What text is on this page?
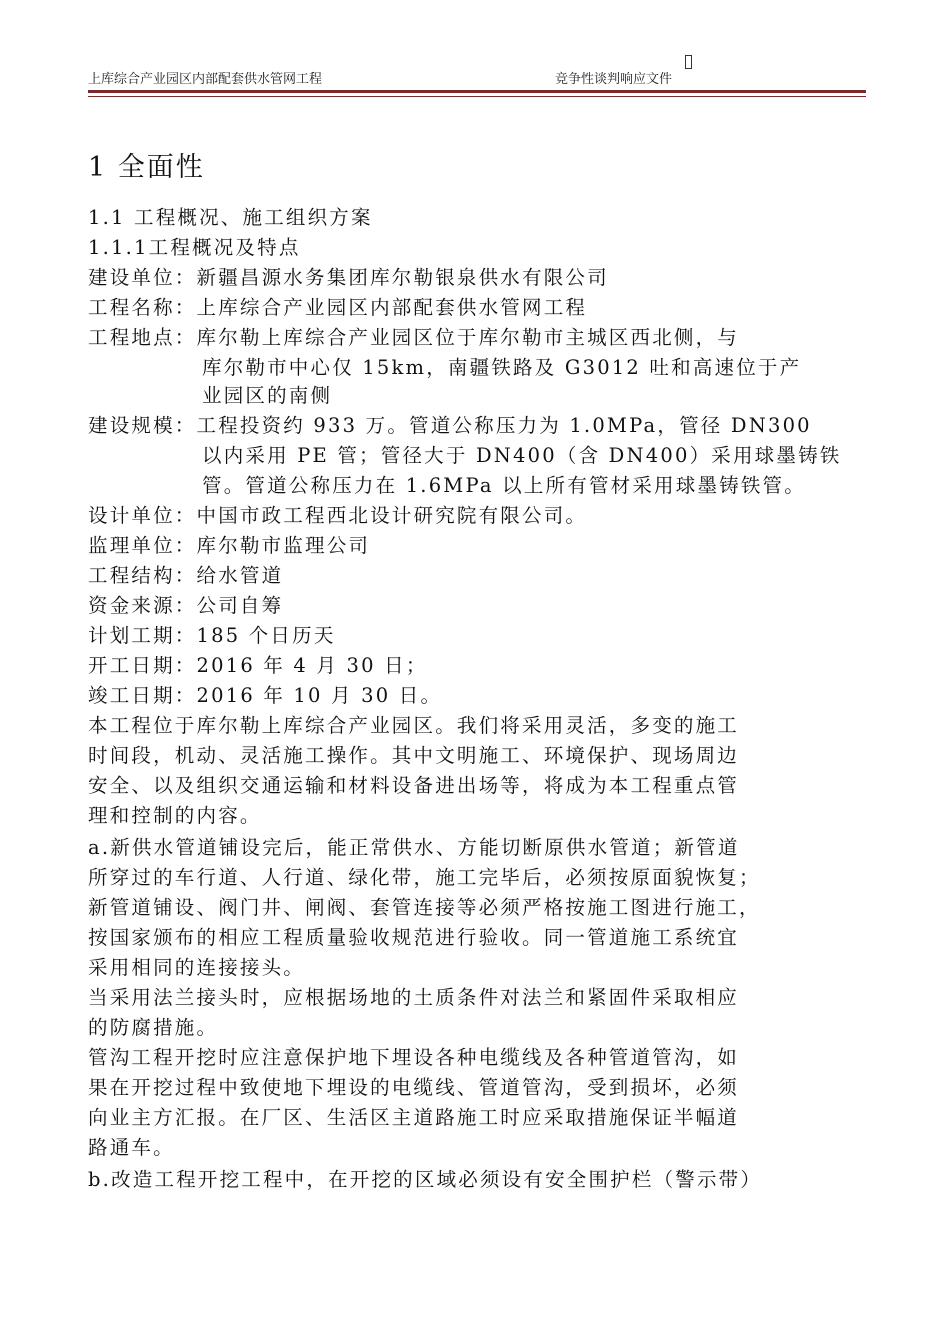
上库综合产业园区内部配套供水管网工程	竞争性谈判响应文件
1 全面性
1.1 工程概况、施工组织方案
1.1.1工程概况及特点
建设单位：新疆昌源水务集团库尔勒银泉供水有限公司
工程名称：上库综合产业园区内部配套供水管网工程
工程地点：库尔勒上库综合产业园区位于库尔勒市主城区西北侧，与
库尔勒市中心仅 15km，南疆铁路及 G3012 吐和高速位于产
业园区的南侧
建设规模：工程投资约 933 万。管道公称压力为 1.0MPa，管径 DN300
以内采用 PE 管；管径大于 DN400（含 DN400）采用球墨铸铁
管。管道公称压力在 1.6MPa 以上所有管材采用球墨铸铁管。
设计单位：中国市政工程西北设计研究院有限公司。
监理单位：库尔勒市监理公司
工程结构：给水管道
资金来源：公司自筹
计划工期：185 个日历天
开工日期：2016 年 4 月 30 日；
竣工日期：2016 年 10 月 30 日。
本工程位于库尔勒上库综合产业园区。我们将采用灵活，多变的施工
时间段，机动、灵活施工操作。其中文明施工、环境保护、现场周边
安全、以及组织交通运输和材料设备进出场等，将成为本工程重点管
理和控制的内容。
a.新供水管道铺设完后，能正常供水、方能切断原供水管道；新管道
所穿过的车行道、人行道、绿化带，施工完毕后，必须按原面貌恢复；
新管道铺设、阀门井、闸阀、套管连接等必须严格按施工图进行施工，
按国家颁布的相应工程质量验收规范进行验收。同一管道施工系统宜
采用相同的连接接头。
当采用法兰接头时，应根据场地的土质条件对法兰和紧固件采取相应
的防腐措施。
管沟工程开挖时应注意保护地下埋设各种电缆线及各种管道管沟，如
果在开挖过程中致使地下埋设的电缆线、管道管沟，受到损坏，必须
向业主方汇报。在厂区、生活区主道路施工时应采取措施保证半幅道
路通车。
b.改造工程开挖工程中，在开挖的区域必须设有安全围护栏（警示带）
